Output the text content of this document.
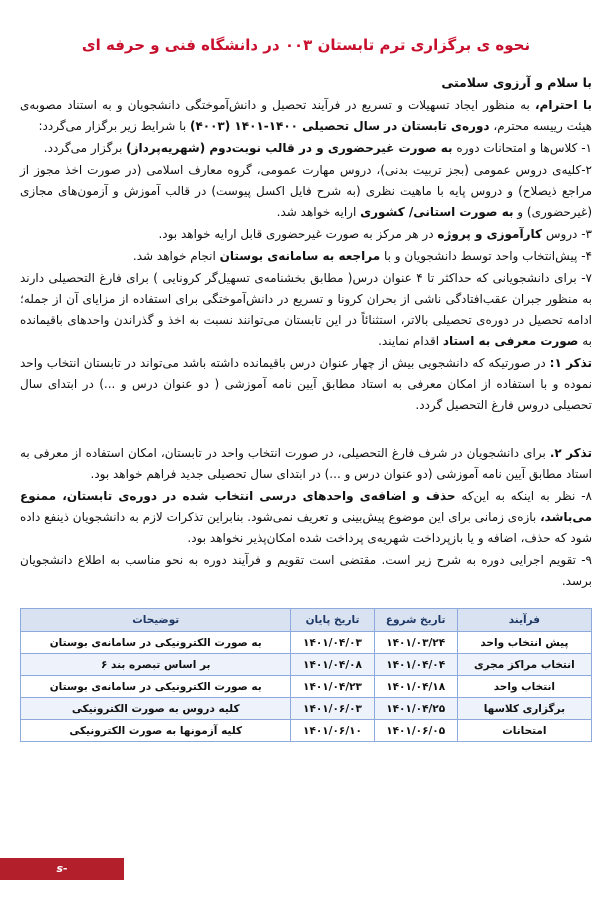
نحوه ی برگزاری ترم تابستان ۰۰۳ در دانشگاه فنی و حرفه ای
با سلام و آرزوی سلامتی

با احترام، به منظور ایجاد تسهیلات و تسریع در فرآیند تحصیل و دانش‌آموختگی دانشجویان و به استناد مصوبه‌ی هیئت رییسه محترم، دوره‌ی تابستان در سال تحصیلی ۱۴۰۰-۱۴۰۱ (۴۰۰۳) با شرایط زیر برگزار می‌گردد:

۱- کلاس‌ها و امتحانات دوره به صورت غیرحضوری و در قالب نوبت‌دوم (شهریه‌پرداز) برگزار می‌گردد.

۲-کلیه‌ی دروس عمومی (بجز تربیت بدنی)، دروس مهارت عمومی، گروه معارف اسلامی (در صورت اخذ مجوز از مراجع ذیصلاح) و دروس پایه با ماهیت نظری (به شرح فایل اکسل پیوست) در قالب آموزش و آزمون‌های مجازی (غیرحضوری) و به صورت استانی/ کشوری ارایه خواهد شد.

۳- دروس کارآموزی و پروژه در هر مرکز به صورت غیرحضوری قابل ارایه خواهد بود.

۴- پیش‌انتخاب واحد توسط دانشجویان و با مراجعه به سامانه‌ی بوستان انجام خواهد شد.

۷- برای دانشجویانی که حداکثر تا ۴ عنوان درس( مطابق بخشنامه‌ی تسهیل‌گر کرونایی ) برای فارغ التحصیلی دارند به منظور جبران عقب‌افتادگی ناشی از بحران کرونا و تسریع در دانش‌آموختگی برای استفاده از مزایای آن از جمله؛ ادامه تحصیل در دوره‌ی تحصیلی بالاتر، استثنائاً در این تابستان می‌توانند نسبت به اخذ و گذراندن واحدهای باقیمانده به صورت معرفی به استاد اقدام نمایند.

تذکر ۱: در صورتیکه که دانشجویی بیش از چهار عنوان درس باقیمانده داشته باشد می‌تواند در تابستان انتخاب واحد نموده و با استفاده از امکان معرفی به استاد مطابق آیین نامه آموزشی ( دو عنوان درس و ...) در ابتدای سال تحصیلی دروس فارغ التحصیل گردد.

تذکر ۲. برای دانشجویان در شرف فارغ التحصیلی، در صورت انتخاب واحد در تابستان، امکان استفاده از معرفی به استاد مطابق آیین نامه آموزشی (دو عنوان درس و ...) در ابتدای سال تحصیلی جدید فراهم خواهد بود.

۸- نظر به اینکه به این‌که حذف و اضافه‌ی واحدهای درسی انتخاب شده در دوره‌ی تابستان، ممنوع می‌باشد، بازه‌ی زمانی برای این موضوع پیش‌بینی و تعریف نمی‌شود. بنابراین تذکرات لازم به دانشجویان ذینفع داده شود که حذف، اضافه و یا بازپرداخت شهریه‌ی پرداخت شده امکان‌پذیر نخواهد بود.

۹- تقویم اجرایی دوره به شرح زیر است. مقتضی است تقویم و فرآیند دوره به نحو مناسب به اطلاع دانشجویان برسد.

فرآیند	تاریخ شروع	تاریخ پایان	توضیحات
پیش انتخاب واحد	۱۴۰۱/۰۳/۲۴	۱۴۰۱/۰۴/۰۳	به صورت الکترونیکی در سامانه‌ی بوستان
انتخاب مراکز مجری	۱۴۰۱/۰۴/۰۴	۱۴۰۱/۰۴/۰۸	بر اساس تبصره بند ۶
انتخاب واحد	۱۴۰۱/۰۴/۱۸	۱۴۰۱/۰۴/۲۳	به صورت الکترونیکی در سامانه‌ی بوستان
برگزاری کلاسها	۱۴۰۱/۰۴/۲۵	۱۴۰۱/۰۶/۰۳	کلیه دروس به صورت الکترونیکی
امتحانات	۱۴۰۱/۰۶/۰۵	۱۴۰۱/۰۶/۱۰	کلیه آزمونها به صورت الکترونیکی
s-safadasht.tvu.ac.ir
